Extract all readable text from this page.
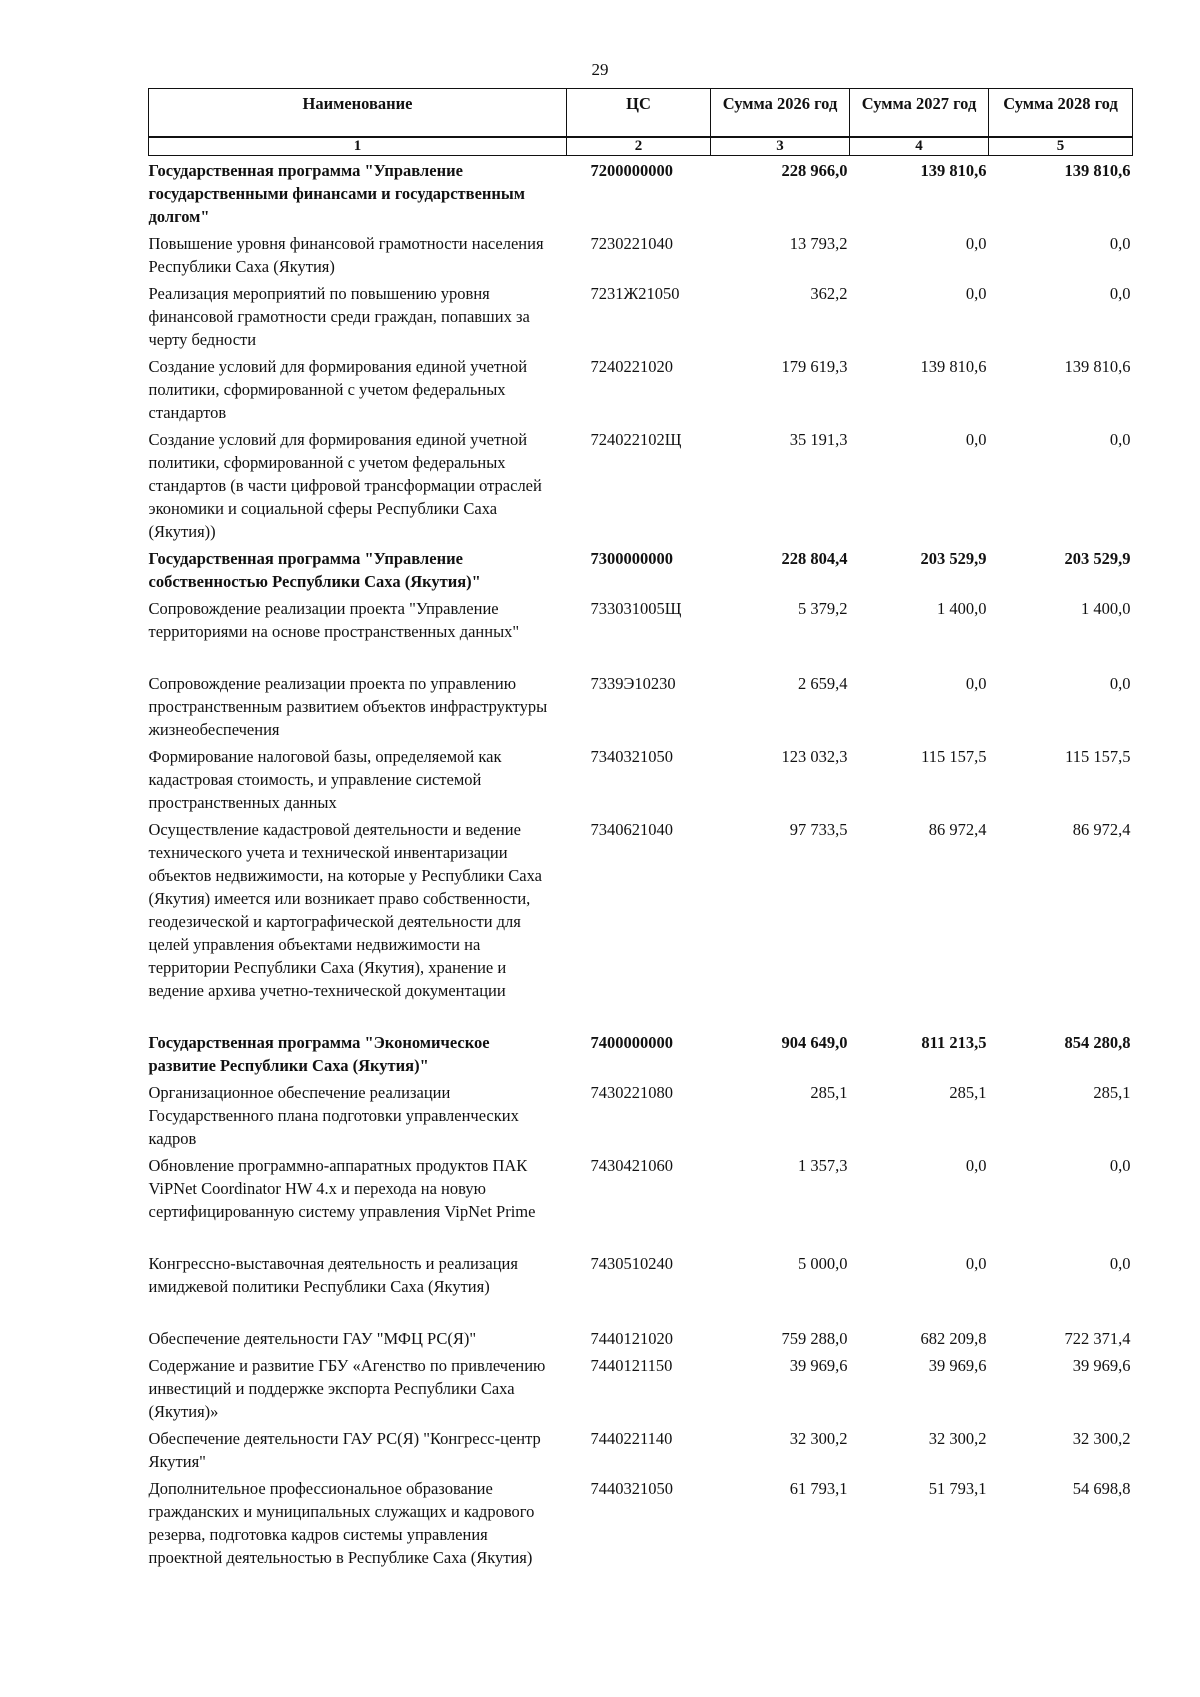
29
Наименование	ЦС	Сумма 2026 год	Сумма 2027 год	Сумма 2028 год
1	2	3	4	5
Государственная программа "Управление государственными финансами и государственным долгом"	7200000000	228 966,0	139 810,6	139 810,6
Повышение уровня финансовой грамотности населения Республики Саха (Якутия)	7230221040	13 793,2	0,0	0,0
Реализация мероприятий по повышению уровня финансовой грамотности среди граждан, попавших за черту бедности	7231Ж21050	362,2	0,0	0,0
Создание условий для формирования единой учетной политики, сформированной с учетом федеральных стандартов	7240221020	179 619,3	139 810,6	139 810,6
Создание условий для формирования единой учетной политики, сформированной с учетом федеральных стандартов (в части цифровой трансформации отраслей экономики и социальной сферы Республики Саха (Якутия))	724022102Щ	35 191,3	0,0	0,0
Государственная программа "Управление собственностью Республики Саха (Якутия)"	7300000000	228 804,4	203 529,9	203 529,9
Сопровождение реализации проекта "Управление территориями на основе пространственных данных"	733031005Щ	5 379,2	1 400,0	1 400,0
Сопровождение реализации проекта по управлению пространственным развитием объектов инфраструктуры жизнеобеспечения	7339Э10230	2 659,4	0,0	0,0
Формирование налоговой базы, определяемой как кадастровая стоимость, и управление системой пространственных данных	7340321050	123 032,3	115 157,5	115 157,5
Осуществление кадастровой деятельности и ведение технического учета и технической инвентаризации объектов недвижимости, на которые у Республики Саха (Якутия) имеется или возникает право собственности, геодезической и картографической деятельности для целей управления объектами недвижимости на территории Республики Саха (Якутия), хранение и ведение архива учетно-технической документации	7340621040	97 733,5	86 972,4	86 972,4
Государственная программа "Экономическое развитие Республики Саха (Якутия)"	7400000000	904 649,0	811 213,5	854 280,8
Организационное обеспечение реализации Государственного плана подготовки управленческих кадров	7430221080	285,1	285,1	285,1
Обновление программно-аппаратных продуктов ПАК ViPNet Coordinator HW 4.x и перехода на новую сертифицированную систему управления VipNet Prime	7430421060	1 357,3	0,0	0,0
Конгрессно-выставочная деятельность и реализация имиджевой политики Республики Саха (Якутия)	7430510240	5 000,0	0,0	0,0
Обеспечение деятельности ГАУ "МФЦ РС(Я)"	7440121020	759 288,0	682 209,8	722 371,4
Содержание и развитие ГБУ «Агенство по привлечению инвестиций и поддержке экспорта Республики Саха (Якутия)»	7440121150	39 969,6	39 969,6	39 969,6
Обеспечение деятельности ГАУ РС(Я) "Конгресс-центр Якутия"	7440221140	32 300,2	32 300,2	32 300,2
Дополнительное профессиональное образование гражданских и муниципальных служащих и кадрового резерва, подготовка кадров системы управления проектной деятельностью в Республике Саха (Якутия)	7440321050	61 793,1	51 793,1	54 698,8
